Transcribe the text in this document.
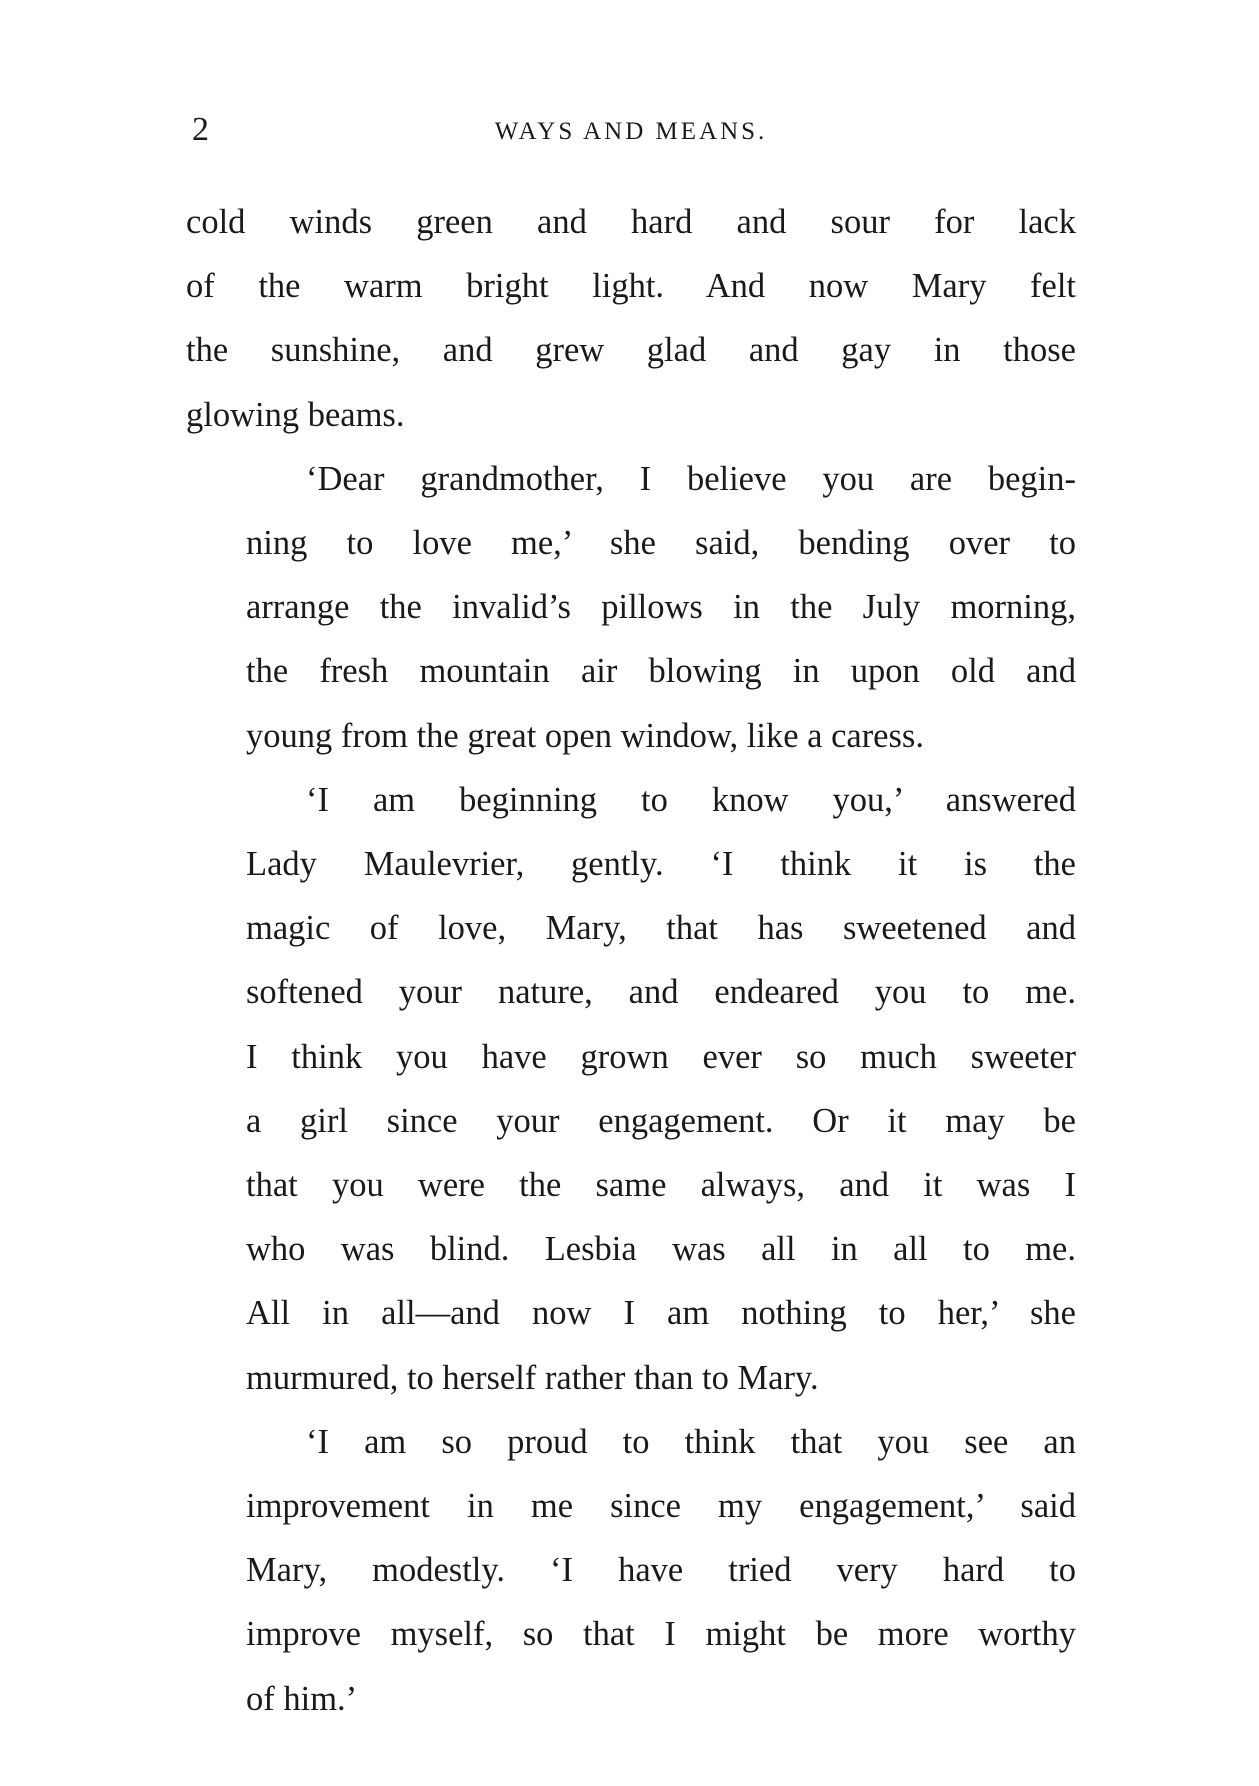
2	WAYS AND MEANS.
cold winds green and hard and sour for lack
of the warm bright light. And now Mary felt
the sunshine, and grew glad and gay in those
glowing beams.
‘Dear grandmother, I believe you are begin-
ning to love me,’ she said, bending over to
arrange the invalid’s pillows in the July morning,
the fresh mountain air blowing in upon old and
young from the great open window, like a caress.
‘I am beginning to know you,’ answered
Lady Maulevrier, gently. ‘I think it is the
magic of love, Mary, that has sweetened and
softened your nature, and endeared you to me.
I think you have grown ever so much sweeter
a girl since your engagement. Or it may be
that you were the same always, and it was I
who was blind. Lesbia was all in all to me.
All in all—and now I am nothing to her,’ she
murmured, to herself rather than to Mary.
‘I am so proud to think that you see an
improvement in me since my engagement,’ said
Mary, modestly. ‘I have tried very hard to
improve myself, so that I might be more worthy
of him.’
